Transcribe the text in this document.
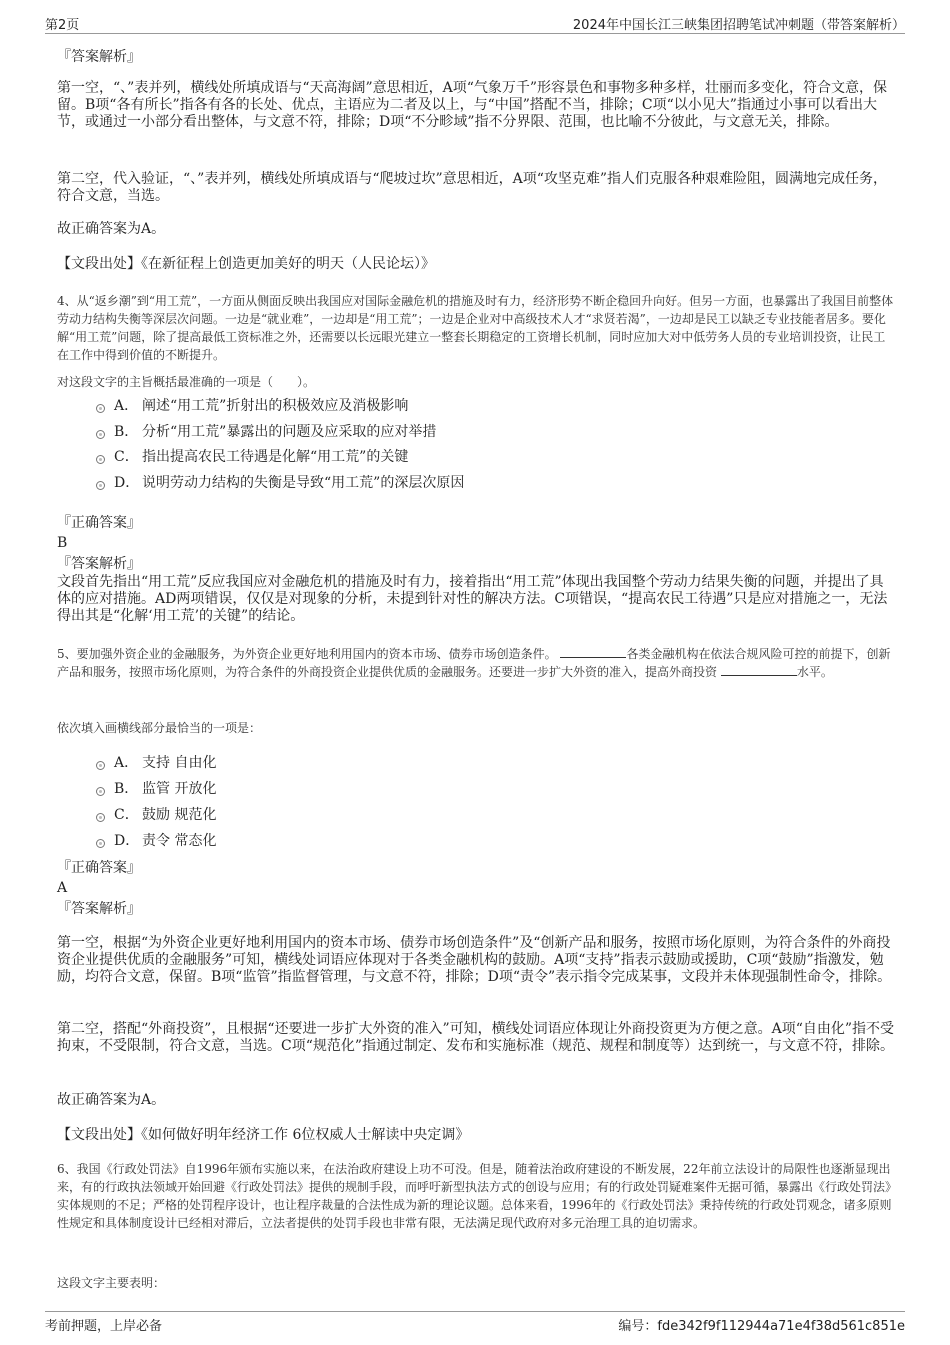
第2页	2024年中国长江三峡集团招聘笔试冲刺题（带答案解析）
『答案解析』
第一空，“、”表并列，横线处所填成语与“天高海阔”意思相近，A项“气象万千”形容景色和事物多种多样，壮丽而多变化，符合文意，保留。B项“各有所长”指各有各的长处、优点，主语应为二者及以上，与“中国”搭配不当，排除；C项“以小见大”指通过小事可以看出大节，或通过一小部分看出整体，与文意不符，排除；D项“不分畛域”指不分界限、范围，也比喻不分彼此，与文意无关，排除。
第二空，代入验证，“、”表并列，横线处所填成语与“爬坡过坎”意思相近，A项“攻坚克难”指人们克服各种艰难险阻，圆满地完成任务，符合文意，当选。
故正确答案为A。
【文段出处】《在新征程上创造更加美好的明天（人民论坛）》
4、从“返乡潮”到“用工荒”，一方面从侧面反映出我国应对国际金融危机的措施及时有力，经济形势不断企稳回升向好。但另一方面，也暴露出了我国目前整体劳动力结构失衡等深层次问题。一边是“就业难”，一边却是“用工荒”；一边是企业对中高级技术人才“求贤若渴”，一边却是民工以缺乏专业技能者居多。要化解“用工荒”问题，除了提高最低工资标准之外，还需要以长远眼光建立一整套长期稳定的工资增长机制，同时应加大对中低劳务人员的专业培训投资，让民工在工作中得到价值的不断提升。
对这段文字的主旨概括最准确的一项是（　　）。
A． 阐述“用工荒”折射出的积极效应及消极影响
B． 分析“用工荒”暴露出的问题及应采取的应对举措
C． 指出提高农民工待遇是化解“用工荒”的关键
D． 说明劳动力结构的失衡是导致“用工荒”的深层次原因
『正确答案』
B
『答案解析』
文段首先指出“用工荒”反应我国应对金融危机的措施及时有力，接着指出“用工荒”体现出我国整个劳动力结果失衡的问题，并提出了具体的应对措施。AD两项错误，仅仅是对现象的分析，未提到针对性的解决方法。C项错误，“提高农民工待遇”只是应对措施之一，无法得出其是“化解‘用工荒’的关键”的结论。
5、要加强外资企业的金融服务，为外资企业更好地利用国内的资本市场、债券市场创造条件。	各类金融机构在依法合规风险可控的前提下，创新产品和服务，按照市场化原则，为符合条件的外商投资企业提供优质的金融服务。还要进一步扩大外资的准入，提高外商投资	水平。
依次填入画横线部分最恰当的一项是：
A． 支持 自由化
B． 监管 开放化
C． 鼓励 规范化
D． 责令 常态化
『正确答案』
A
『答案解析』
第一空，根据“为外资企业更好地利用国内的资本市场、债券市场创造条件”及“创新产品和服务，按照市场化原则，为符合条件的外商投资企业提供优质的金融服务”可知，横线处词语应体现对于各类金融机构的鼓励。A项“支持”指表示鼓励或援助，C项“鼓励”指激发，勉励，均符合文意，保留。B项“监管”指监督管理，与文意不符，排除；D项“责令”表示指令完成某事，文段并未体现强制性命令，排除。
第二空，搭配“外商投资”，且根据“还要进一步扩大外资的准入”可知，横线处词语应体现让外商投资更为方便之意。A项“自由化”指不受拘束，不受限制，符合文意，当选。C项“规范化”指通过制定、发布和实施标准（规范、规程和制度等）达到统一，与文意不符，排除。
故正确答案为A。
【文段出处】《如何做好明年经济工作 6位权威人士解读中央定调》
6、我国《行政处罚法》自1996年颁布实施以来，在法治政府建设上功不可没。但是，随着法治政府建设的不断发展，22年前立法设计的局限性也逐渐显现出来，有的行政执法领域开始回避《行政处罚法》提供的规制手段，而呼吁新型执法方式的创设与应用；有的行政处罚疑难案件无据可循，暴露出《行政处罚法》实体规则的不足；严格的处罚程序设计，也让程序裁量的合法性成为新的理论议题。总体来看，1996年的《行政处罚法》秉持传统的行政处罚观念，诸多原则性规定和具体制度设计已经相对滞后，立法者提供的处罚手段也非常有限，无法满足现代政府对多元治理工具的迫切需求。
这段文字主要表明：
考前押题，上岸必备	编号：fde342f9f112944a71e4f38d561c851e
